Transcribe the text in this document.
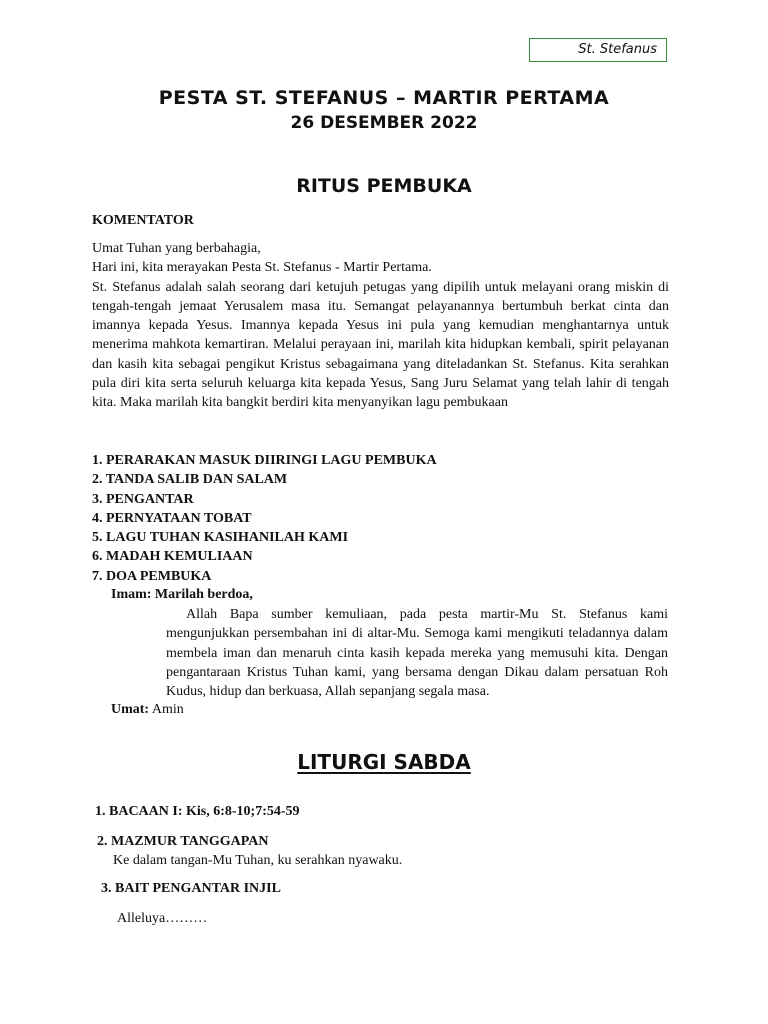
St. Stefanus
PESTA ST. STEFANUS – MARTIR PERTAMA
26 DESEMBER 2022
RITUS PEMBUKA
KOMENTATOR

Umat Tuhan yang berbahagia,

Hari ini, kita merayakan Pesta St. Stefanus - Martir Pertama.

St. Stefanus adalah salah seorang dari ketujuh petugas yang dipilih untuk melayani orang miskin di tengah-tengah jemaat Yerusalem masa itu. Semangat pelayanannya bertumbuh berkat cinta dan imannya kepada Yesus. Imannya kepada Yesus ini pula yang kemudian menghantarnya untuk menerima mahkota kemartiran. Melalui perayaan ini, marilah kita hidupkan kembali, spirit pelayanan dan kasih kita sebagai pengikut Kristus sebagaimana yang diteladankan St. Stefanus. Kita serahkan pula diri kita serta seluruh keluarga kita kepada Yesus, Sang Juru Selamat yang telah lahir di tengah kita. Maka marilah kita bangkit berdiri kita menyanyikan lagu pembukaan

1. PERARAKAN MASUK DIIRINGI LAGU PEMBUKA
2. TANDA SALIB DAN SALAM
3. PENGANTAR
4. PERNYATAAN TOBAT
5. LAGU TUHAN KASIHANILAH KAMI
6. MADAH KEMULIAAN
7. DOA PEMBUKA
Imam: Marilah berdoa,
Allah Bapa sumber kemuliaan, pada pesta martir-Mu St. Stefanus kami mengunjukkan persembahan ini di altar-Mu. Semoga kami mengikuti teladannya dalam membela iman dan menaruh cinta kasih kepada mereka yang memusuhi kita. Dengan pengantaraan Kristus Tuhan kami, yang bersama dengan Dikau dalam persatuan Roh Kudus, hidup dan berkuasa, Allah sepanjang segala masa.
Umat: Amin
LITURGI SABDA
1. BACAAN I: Kis, 6:8-10;7:54-59
2. MAZMUR TANGGAPAN
Ke dalam tangan-Mu Tuhan, ku serahkan nyawaku.
3. BAIT PENGANTAR INJIL
Alleluya………
